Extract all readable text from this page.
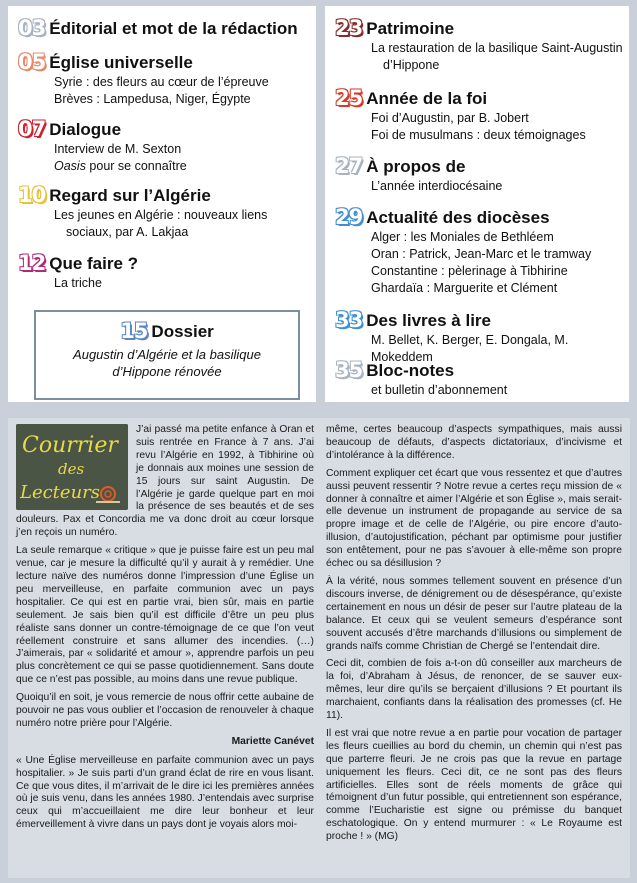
03 Éditorial et mot de la rédaction
05 Église universelle
Syrie : des fleurs au cœur de l’épreuve
Brèves : Lampedusa, Niger, Égypte
07 Dialogue
Interview de M. Sexton
Oasis pour se connaître
10 Regard sur l’Algérie
Les jeunes en Algérie : nouveaux liens
sociaux, par A. Lakjaa
12 Que faire ?
La triche
15 Dossier
Augustin d’Algérie et la basilique
d’Hippone rénovée
23 Patrimoine
La restauration de la basilique Saint-Augustin
d’Hippone
25 Année de la foi
Foi d’Augustin, par B. Jobert
Foi de musulmans : deux témoignages
27 À propos de
L’année interdiocésaine
29 Actualité des diocèses
Alger : les Moniales de Bethléem
Oran : Patrick, Jean-Marc et le tramway
Constantine : pèlerinage à Tibhirine
Ghardaïa : Marguerite et Clément
33 Des livres à lire
M. Bellet, K. Berger, E. Dongala, M. Mokeddem
35 Bloc-notes
et bulletin d’abonnement
Courrier
des
Lecteurs

J’ai passé ma petite enfance à Oran et suis rentrée en France à 7 ans. J’ai revu l’Algérie en 1992, à Tibhirine où je donnais aux moines une session de 15 jours sur saint Augustin. De l’Algérie je garde quelque part en moi la présence de ses beautés et de ses douleurs. Pax et Concordia me va donc droit au cœur lorsque j’en reçois un numéro.

La seule remarque « critique » que je puisse faire est un peu mal venue, car je mesure la difficulté qu’il y aurait à y remédier. Une lecture naïve des numéros donne l’impression d’une Église un peu merveilleuse, en parfaite communion avec un pays hospitalier. Ce qui est en partie vrai, bien sûr, mais en partie seulement. Je sais bien qu’il est difficile d’être un peu plus réaliste sans donner un contre-témoignage de ce que l’on veut réellement construire et sans allumer des incendies. (…) J’aimerais, par « solidarité et amour », apprendre parfois un peu plus concrètement ce qui se passe quotidiennement. Sans doute que ce n’est pas possible, au moins dans une revue publique.

Quoiqu’il en soit, je vous remercie de nous offrir cette aubaine de pouvoir ne pas vous oublier et l’occasion de renouveler à chaque numéro notre prière pour l’Algérie.

Mariette Canévet

« Une Église merveilleuse en parfaite communion avec un pays hospitalier. » Je suis parti d’un grand éclat de rire en vous lisant. Ce que vous dites, il m’arrivait de le dire ici les premières années où je suis venu, dans les années 1980. J’entendais avec surprise ceux qui m’accueillaient me dire leur bonheur et leur émerveillement à vivre dans un pays dont je voyais alors moi-

même, certes beaucoup d’aspects sympathiques, mais aussi beaucoup de défauts, d’aspects dictatoriaux, d’incivisme et d’intolérance à la différence.

Comment expliquer cet écart que vous ressentez et que d’autres aussi peuvent ressentir ? Notre revue a certes reçu mission de « donner à connaître et aimer l’Algérie et son Église », mais serait-elle devenue un instrument de propagande au service de sa propre image et de celle de l’Algérie, ou pire encore d’auto-illusion, d’autojustification, péchant par optimisme pour justifier son entêtement, pour ne pas s’avouer à elle-même son propre échec ou sa désillusion ?

À la vérité, nous sommes tellement souvent en présence d’un discours inverse, de dénigrement ou de désespérance, qu’existe certainement en nous un désir de peser sur l’autre plateau de la balance. Et ceux qui se veulent semeurs d’espérance sont souvent accusés d’être marchands d’illusions ou simplement de grands naïfs comme Christian de Chergé se l’entendait dire.

Ceci dit, combien de fois a-t-on dû conseiller aux marcheurs de la foi, d’Abraham à Jésus, de renoncer, de se sauver eux-mêmes, leur dire qu’ils se berçaient d’illusions ? Et pourtant ils marchaient, confiants dans la réalisation des promesses (cf. He 11).

Il est vrai que notre revue a en partie pour vocation de partager les fleurs cueillies au bord du chemin, un chemin qui n’est pas que parterre fleuri. Je ne crois pas que la revue en partage uniquement les fleurs. Ceci dit, ce ne sont pas des fleurs artificielles. Elles sont de réels moments de grâce qui témoignent d’un futur possible, qui entretiennent son espérance, comme l’Eucharistie est signe ou prémisse du banquet eschatologique. On y entend murmurer : « Le Royaume est proche ! » (MG)
